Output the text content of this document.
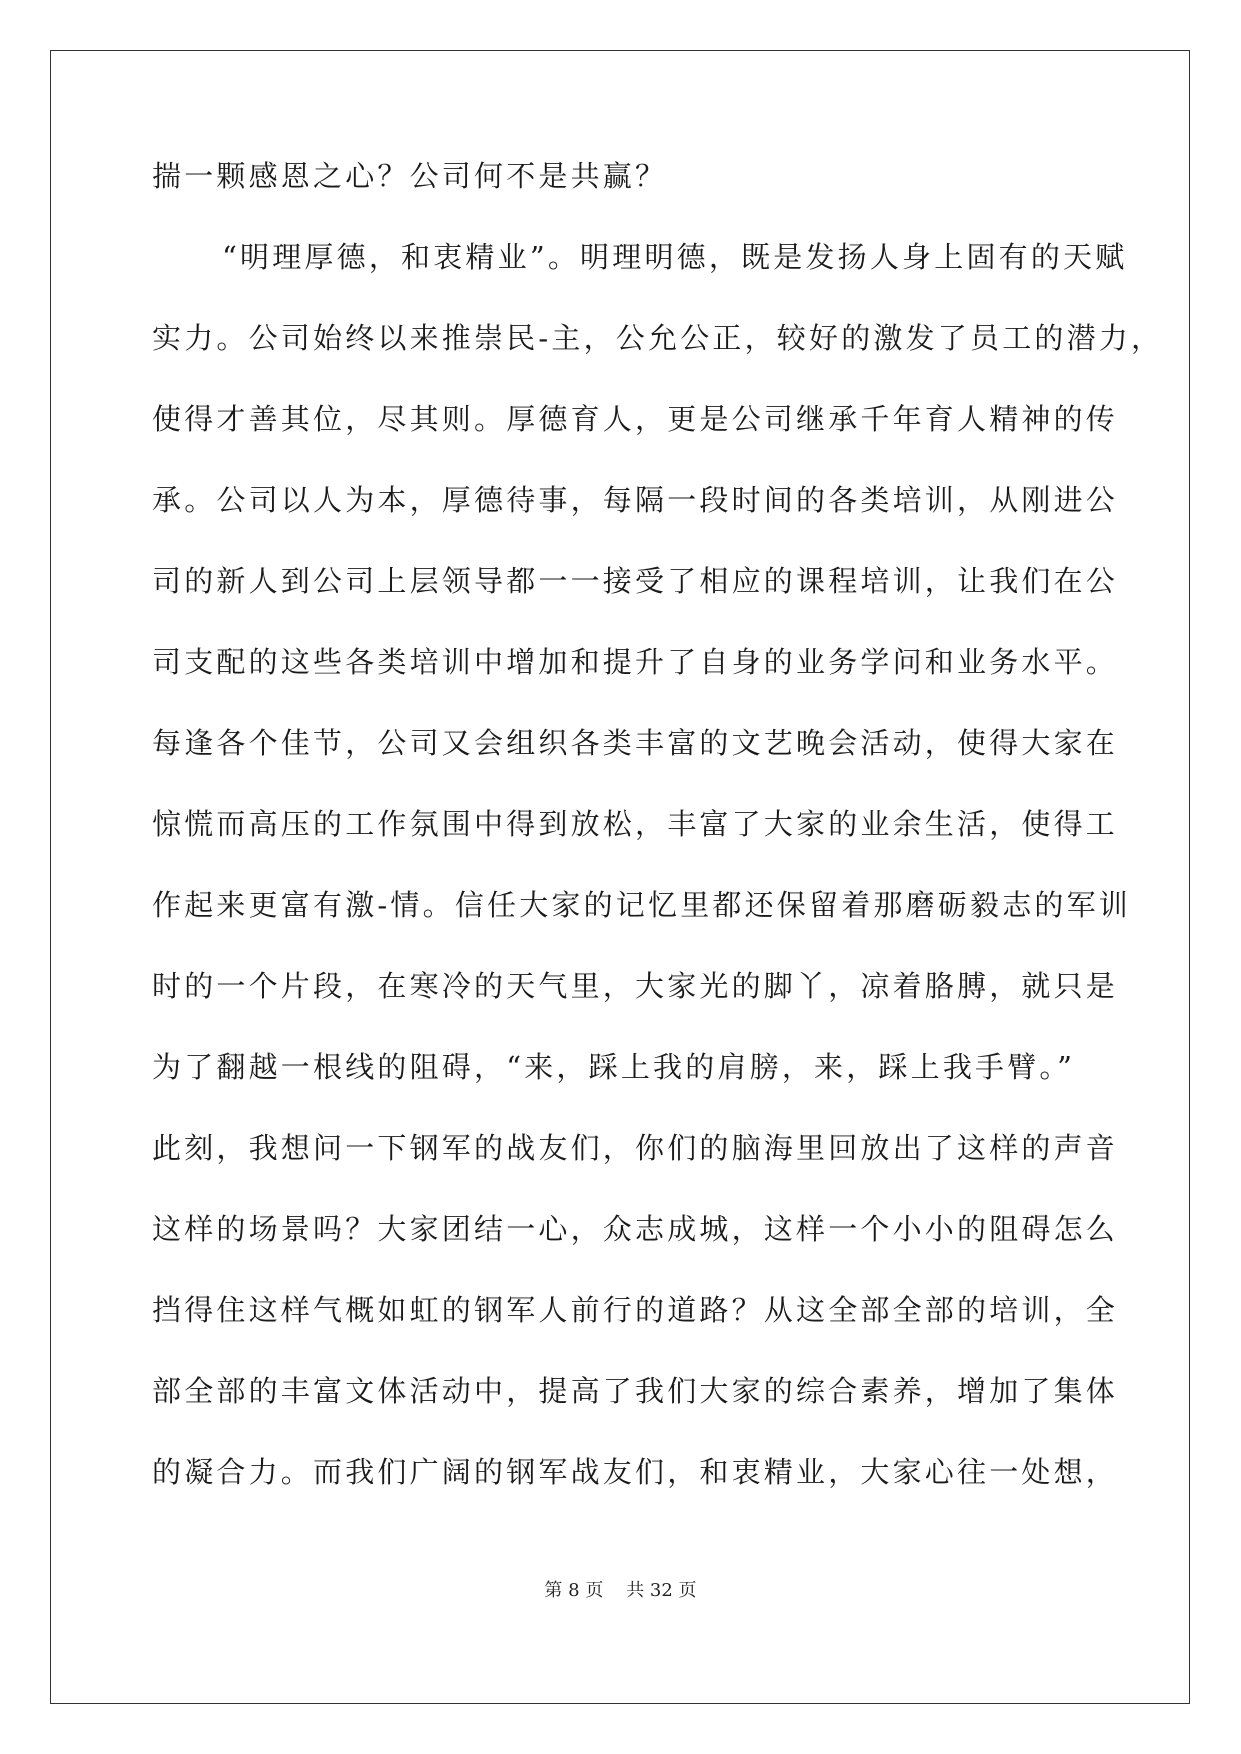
揣一颗感恩之心？公司何不是共赢？
“明理厚德，和衷精业”。明理明德，既是发扬人身上固有的天赋
实力。公司始终以来推崇民-主，公允公正，较好的激发了员工的潜力，
使得才善其位，尽其则。厚德育人，更是公司继承千年育人精神的传
承。公司以人为本，厚德待事，每隔一段时间的各类培训，从刚进公
司的新人到公司上层领导都一一接受了相应的课程培训，让我们在公
司支配的这些各类培训中增加和提升了自身的业务学问和业务水平。
每逢各个佳节，公司又会组织各类丰富的文艺晚会活动，使得大家在
惊慌而高压的工作氛围中得到放松，丰富了大家的业余生活，使得工
作起来更富有激-情。信任大家的记忆里都还保留着那磨砺毅志的军训
时的一个片段，在寒冷的天气里，大家光的脚丫，凉着胳膊，就只是
为了翻越一根线的阻碍，“来，踩上我的肩膀，来，踩上我手臂。”
此刻，我想问一下钢军的战友们，你们的脑海里回放出了这样的声音
这样的场景吗？大家团结一心，众志成城，这样一个小小的阻碍怎么
挡得住这样气概如虹的钢军人前行的道路？从这全部全部的培训，全
部全部的丰富文体活动中，提高了我们大家的综合素养，增加了集体
的凝合力。而我们广阔的钢军战友们，和衷精业，大家心往一处想，
第 8 页    共 32 页
